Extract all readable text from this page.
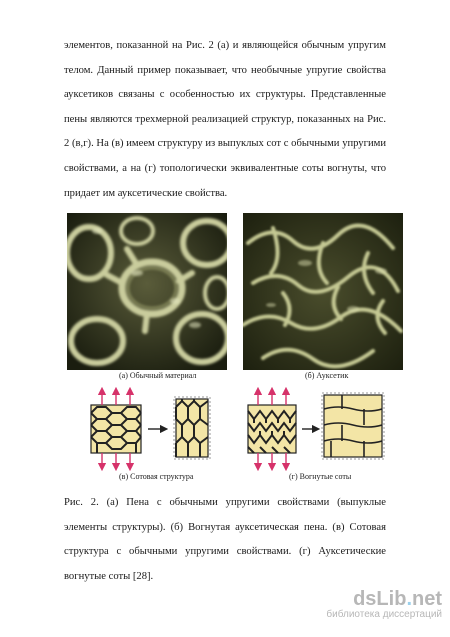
элементов, показанной на Рис. 2 (а) и являющейся обычным упругим телом. Данный пример показывает, что необычные упругие свойства ауксетиков связаны с особенностью их структуры. Представленные пены являются трехмерной реализацией структур, показанных на Рис. 2 (в,г). На (в) имеем структуру из выпуклых сот с обычными упругими свойствами, а на (г) топологически эквивалентные соты вогнуты, что придает им ауксетические свойства.

(а) Обычный материал	(б) Ауксетик
(в) Сотовая структура	(г) Вогнутые соты

Рис. 2. (а) Пена с обычными упругими свойствами (выпуклые элементы структуры). (б) Вогнутая ауксетическая пена. (в) Сотовая структура с обычными упругими свойствами. (г) Ауксетические вогнутые соты [28].

dsLib.net
библиотека диссертаций
